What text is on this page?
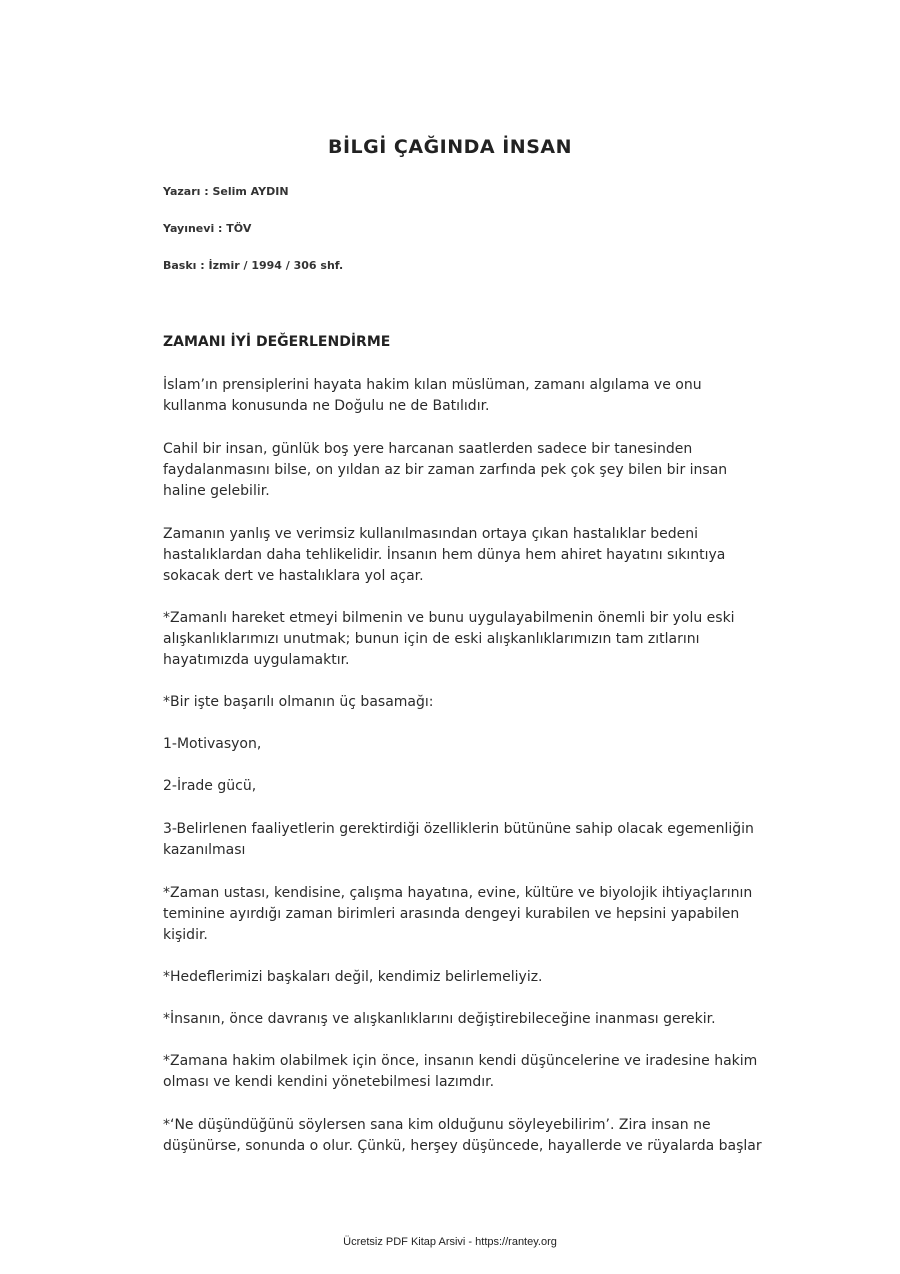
BİLGİ ÇAĞINDA İNSAN
Yazarı : Selim AYDIN
Yayınevi : TÖV
Baskı : İzmir / 1994 / 306 shf.
ZAMANI İYİ DEĞERLENDİRME

İslam’ın prensiplerini hayata hakim kılan müslüman, zamanı algılama ve onu kullanma konusunda ne Doğulu ne de Batılıdır.

Cahil bir insan, günlük boş yere harcanan saatlerden sadece bir tanesinden faydalanmasını bilse, on yıldan az bir zaman zarfında pek çok şey bilen bir insan haline gelebilir.

Zamanın yanlış ve verimsiz kullanılmasından ortaya çıkan hastalıklar bedeni hastalıklardan daha tehlikelidir. İnsanın hem dünya hem ahiret hayatını sıkıntıya sokacak dert ve hastalıklara yol açar.

*Zamanlı hareket etmeyi bilmenin ve bunu uygulayabilmenin önemli bir yolu eski alışkanlıklarımızı unutmak; bunun için de eski alışkanlıklarımızın tam zıtlarını hayatımızda uygulamaktır.

*Bir işte başarılı olmanın üç basamağı:

1-Motivasyon,

2-İrade gücü,

3-Belirlenen faaliyetlerin gerektirdiği özelliklerin bütününe sahip olacak egemenliğin kazanılması

*Zaman ustası, kendisine, çalışma hayatına, evine, kültüre ve biyolojik ihtiyaçlarının teminine ayırdığı zaman birimleri arasında dengeyi kurabilen ve hepsini yapabilen kişidir.

*Hedeflerimizi başkaları değil, kendimiz belirlemeliyiz.

*İnsanın, önce davranış ve alışkanlıklarını değiştirebileceğine inanması gerekir.

*Zamana hakim olabilmek için önce, insanın kendi düşüncelerine ve iradesine hakim olması ve kendi kendini yönetebilmesi lazımdır.

*‘Ne düşündüğünü söylersen sana kim olduğunu söyleyebilirim’. Zira insan ne düşünürse, sonunda o olur. Çünkü, herşey düşüncede, hayallerde ve rüyalarda başlar

Ücretsiz PDF Kitap Arsivi - https://rantey.org
